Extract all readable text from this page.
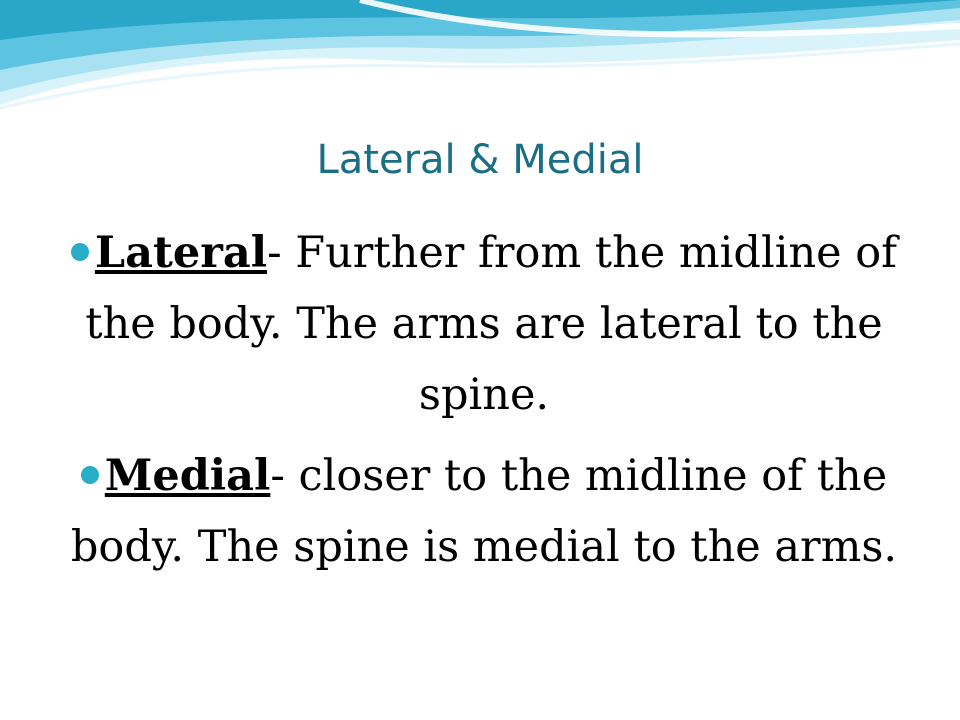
Lateral & Medial
Lateral- Further from the midline of the body. The arms are lateral to the spine.
Medial- closer to the midline of the body. The spine is medial to the arms.
